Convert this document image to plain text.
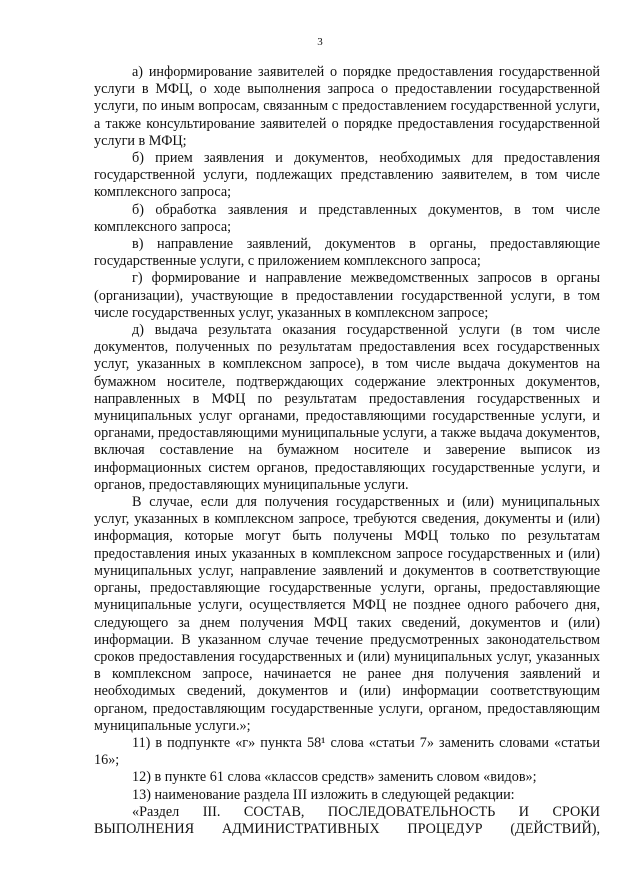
3

а) информирование заявителей о порядке предоставления государственной услуги в МФЦ, о ходе выполнения запроса о предоставлении государственной услуги, по иным вопросам, связанным с предоставлением государственной услуги, а также консультирование заявителей о порядке предоставления государственной услуги в МФЦ;

б) прием заявления и документов, необходимых для предоставления государственной услуги, подлежащих представлению заявителем, в том числе комплексного запроса;

б) обработка заявления и представленных документов, в том числе комплексного запроса;

в) направление заявлений, документов в органы, предоставляющие государственные услуги, с приложением комплексного запроса;

г) формирование и направление межведомственных запросов в органы (организации), участвующие в предоставлении государственной услуги, в том числе государственных услуг, указанных в комплексном запросе;

д) выдача результата оказания государственной услуги (в том числе документов, полученных по результатам предоставления всех государственных услуг, указанных в комплексном запросе), в том числе выдача документов на бумажном носителе, подтверждающих содержание электронных документов, направленных в МФЦ по результатам предоставления государственных и муниципальных услуг органами, предоставляющими государственные услуги, и органами, предоставляющими муниципальные услуги, а также выдача документов, включая составление на бумажном носителе и заверение выписок из информационных систем органов, предоставляющих государственные услуги, и органов, предоставляющих муниципальные услуги.

В случае, если для получения государственных и (или) муниципальных услуг, указанных в комплексном запросе, требуются сведения, документы и (или) информация, которые могут быть получены МФЦ только по результатам предоставления иных указанных в комплексном запросе государственных и (или) муниципальных услуг, направление заявлений и документов в соответствующие органы, предоставляющие государственные услуги, органы, предоставляющие муниципальные услуги, осуществляется МФЦ не позднее одного рабочего дня, следующего за днем получения МФЦ таких сведений, документов и (или) информации. В указанном случае течение предусмотренных законодательством сроков предоставления государственных и (или) муниципальных услуг, указанных в комплексном запросе, начинается не ранее дня получения заявлений и необходимых сведений, документов и (или) информации соответствующим органом, предоставляющим государственные услуги, органом, предоставляющим муниципальные услуги.»;

11) в подпункте «г» пункта 58¹ слова «статьи 7» заменить словами «статьи 16»;

12) в пункте 61 слова «классов средств» заменить словом «видов»;

13) наименование раздела III изложить в следующей редакции:

«Раздел III. СОСТАВ, ПОСЛЕДОВАТЕЛЬНОСТЬ И СРОКИ ВЫПОЛНЕНИЯ АДМИНИСТРАТИВНЫХ ПРОЦЕДУР (ДЕЙСТВИЙ),
